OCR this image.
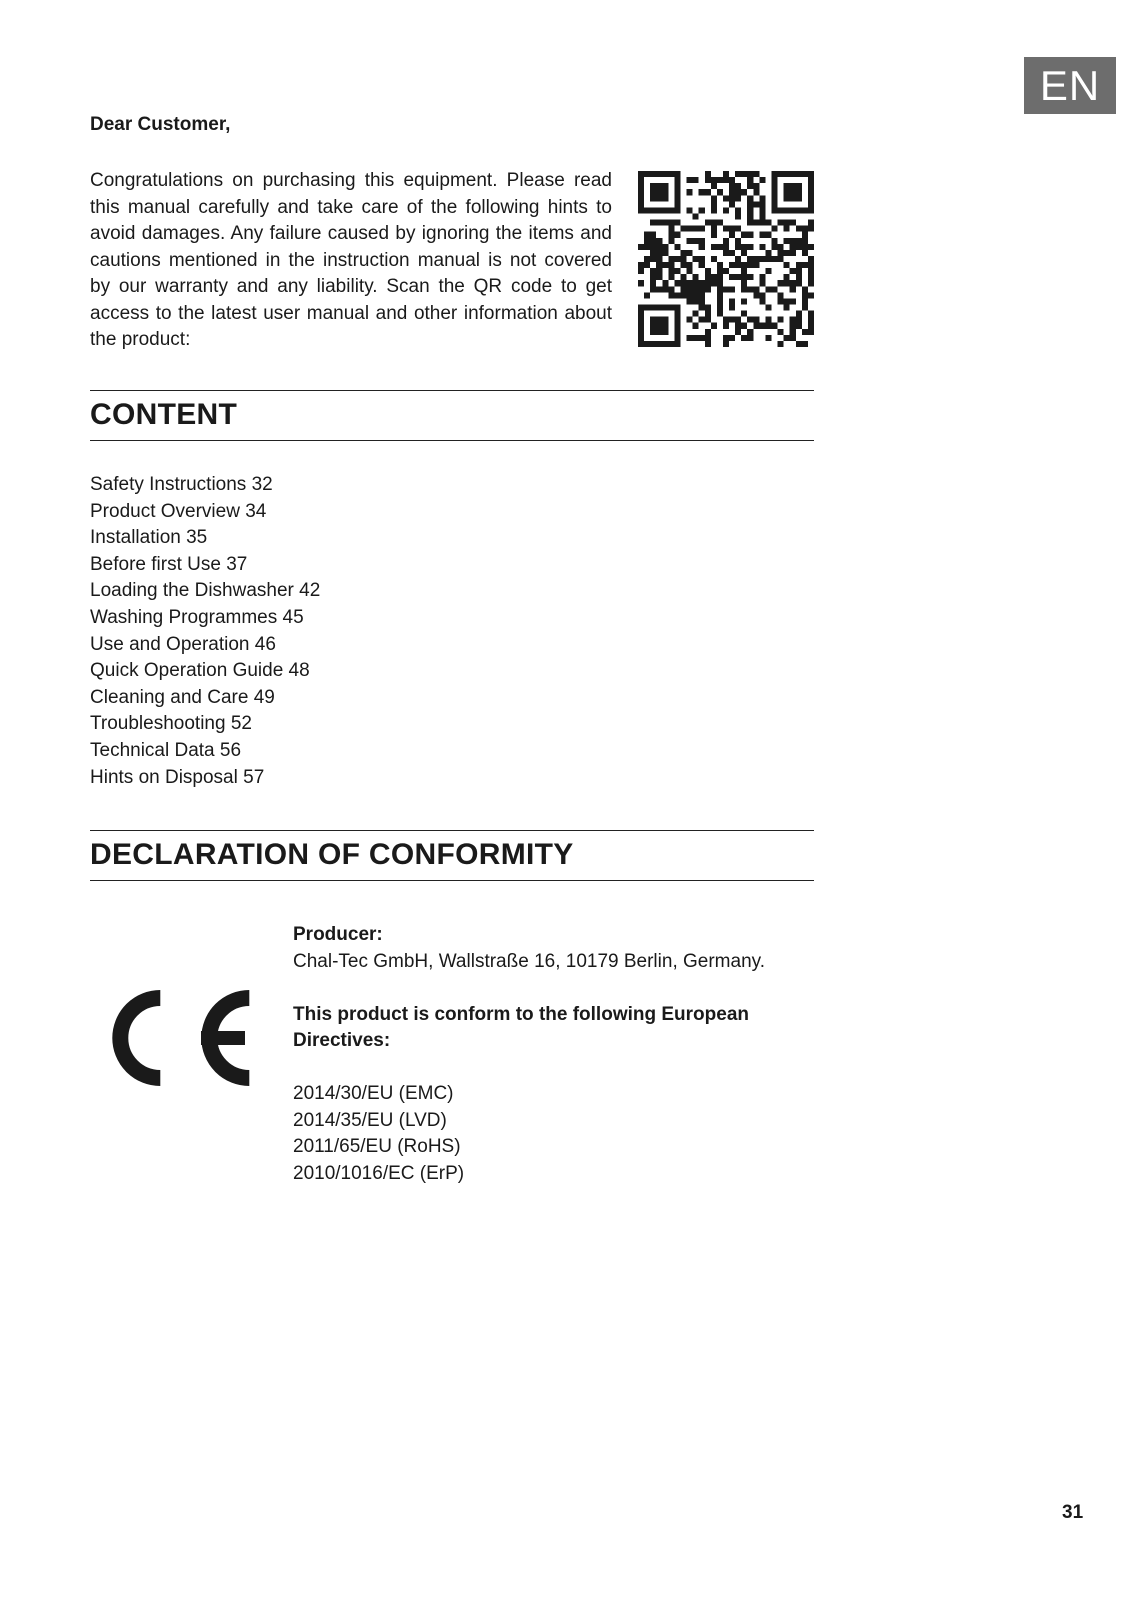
EN
Dear Customer,

Congratulations on purchasing this equipment. Please read this manual carefully and take care of the following hints to avoid damages. Any failure caused by ignoring the items and cautions mentioned in the instruction manual is not covered by our warranty and any liability. Scan the QR code to get access to the latest user manual and other information about the product:

CONTENT
Safety Instructions 32
Product Overview 34
Installation 35
Before first Use 37
Loading the Dishwasher 42
Washing Programmes 45
Use and Operation 46
Quick Operation Guide 48
Cleaning and Care 49
Troubleshooting 52
Technical Data 56
Hints on Disposal 57
DECLARATION OF CONFORMITY
Producer:
Chal-Tec GmbH, Wallstraße 16, 10179 Berlin, Germany.
This product is conform to the following European
Directives:
2014/30/EU (EMC)
2014/35/EU (LVD)
2011/65/EU (RoHS)
2010/1016/EC (ErP)
31
